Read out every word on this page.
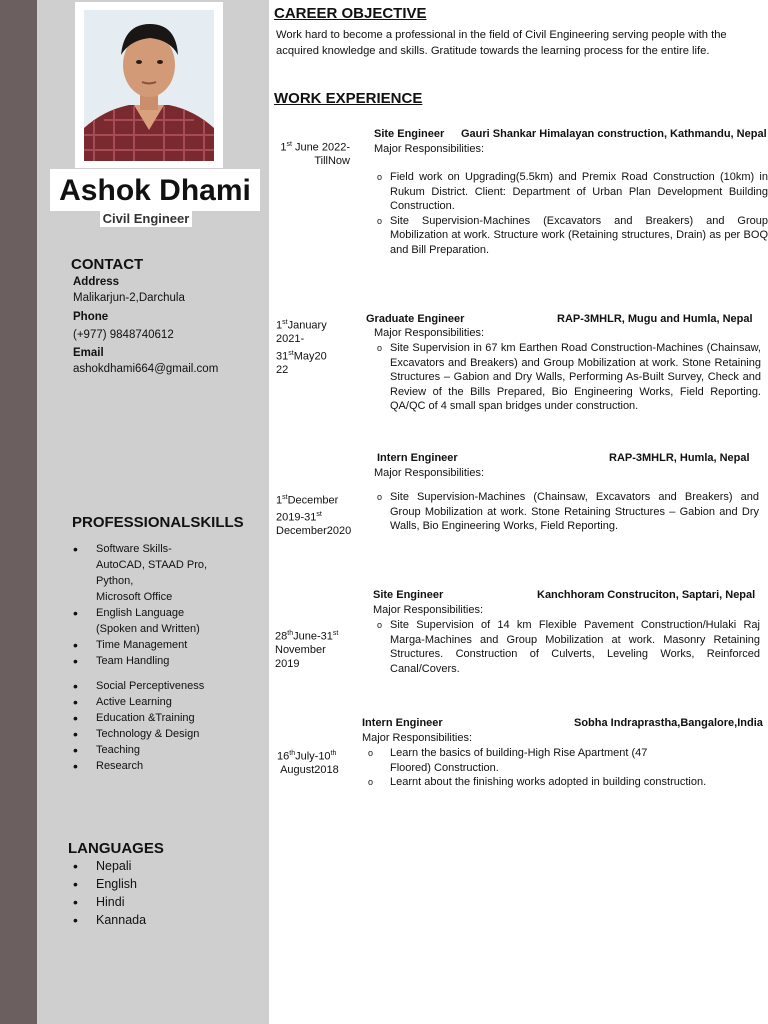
Ashok Dhami
Civil Engineer
CONTACT
Address
Malikarjun-2,Darchula
Phone
(+977) 9848740612
Email
ashokdhami664@gmail.com
PROFESSIONALSKILLS
• Software Skills-
AutoCAD, STAAD Pro,
Python,
Microsoft Office
• English Language
(Spoken and Written)
• Time Management
• Team Handling
• Social Perceptiveness
• Active Learning
• Education &Training
• Technology & Design
• Teaching
• Research
LANGUAGES
• Nepali
• English
• Hindi
• Kannada
CAREER OBJECTIVE
Work hard to become a professional in the field of Civil Engineering serving people with the acquired knowledge and skills. Gratitude towards the learning process for the entire life.
WORK EXPERIENCE
1st June 2022-
TillNow
Site Engineer Gauri Shankar Himalayan construction, Kathmandu, Nepal
Major Responsibilities:
o Field work on Upgrading(5.5km) and Premix Road Construction (10km) in Rukum District. Client: Department of Urban Plan Development Building Construction.
o Site Supervision-Machines (Excavators and Breakers) and Group Mobilization at work. Structure work (Retaining structures, Drain) as per BOQ and Bill Preparation.
1stJanuary
2021-
31stMay20
22
Graduate Engineer	RAP-3MHLR, Mugu and Humla, Nepal
Major Responsibilities:
o Site Supervision in 67 km Earthen Road Construction-Machines (Chainsaw, Excavators and Breakers) and Group Mobilization at work. Stone Retaining Structures – Gabion and Dry Walls, Performing As-Built Survey, Check and Review of the Bills Prepared, Bio Engineering Works, Field Reporting. QA/QC of 4 small span bridges under construction.
1stDecember
2019-31st
December2020
Intern Engineer	RAP-3MHLR, Humla, Nepal
Major Responsibilities:
o Site Supervision-Machines (Chainsaw, Excavators and Breakers) and Group Mobilization at work. Stone Retaining Structures – Gabion and Dry Walls, Bio Engineering Works, Field Reporting.
28thJune-31st
November
2019
Site Engineer	Kanchhoram Construciton, Saptari, Nepal
Major Responsibilities:
o Site Supervision of 14 km Flexible Pavement Construction/Hulaki Raj Marga-Machines and Group Mobilization at work. Masonry Retaining Structures. Construction of Culverts, Leveling Works, Reinforced Canal/Covers.
16thJuly-10th
August2018
Intern Engineer	Sobha Indraprastha,Bangalore,India
Major Responsibilities:
o Learn the basics of building-High Rise Apartment (47 Floored) Construction.
o Learnt about the finishing works adopted in building construction.
